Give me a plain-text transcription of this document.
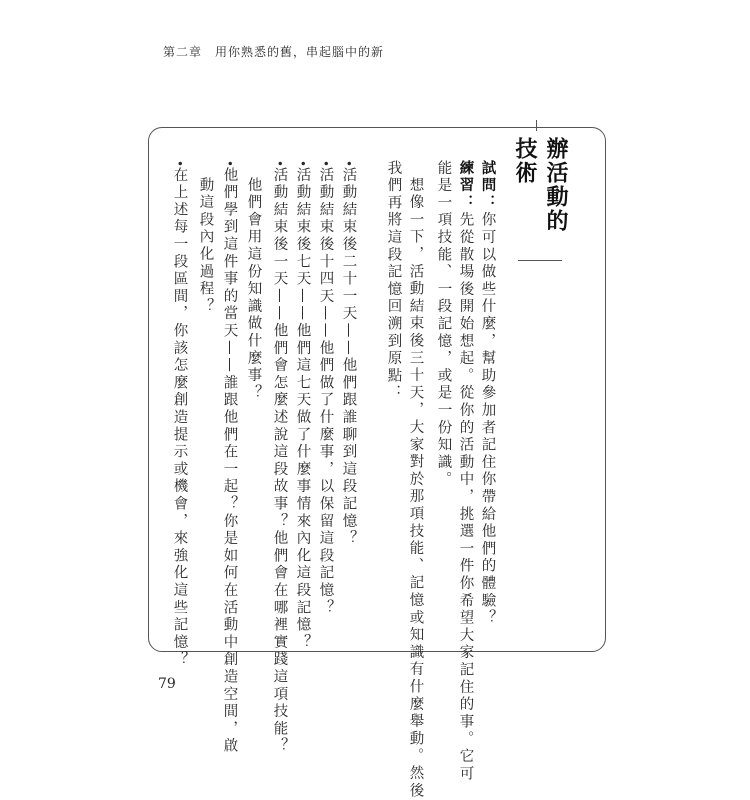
第二章　用你熟悉的舊，串起腦中的新
辦活動的技術
試問：你可以做些什麼，幫助參加者記住你帶給他們的體驗？
練習：先從散場後開始想起。從你的活動中，挑選一件你希望大家記住的事。它可
能是一項技能、一段記憶，或是一份知識。
想像一下，活動結束後三十天，大家對於那項技能、記憶或知識有什麼舉動。然後
我們再將這段記憶回溯到原點：
•活動結束後二十一天——他們跟誰聊到這段記憶？
•活動結束後十四天——他們做了什麼事，以保留這段記憶？
•活動結束後七天——他們這七天做了什麼事情來內化這段記憶？
•活動結束後一天——他們會怎麼述說這段故事？他們會在哪裡實踐這項技能？
他們會用這份知識做什麼事？
•他們學到這件事的當天——誰跟他們在一起？你是如何在活動中創造空間，啟
動這段內化過程？
•在上述每一段區間，你該怎麼創造提示或機會，來強化這些記憶？
79
